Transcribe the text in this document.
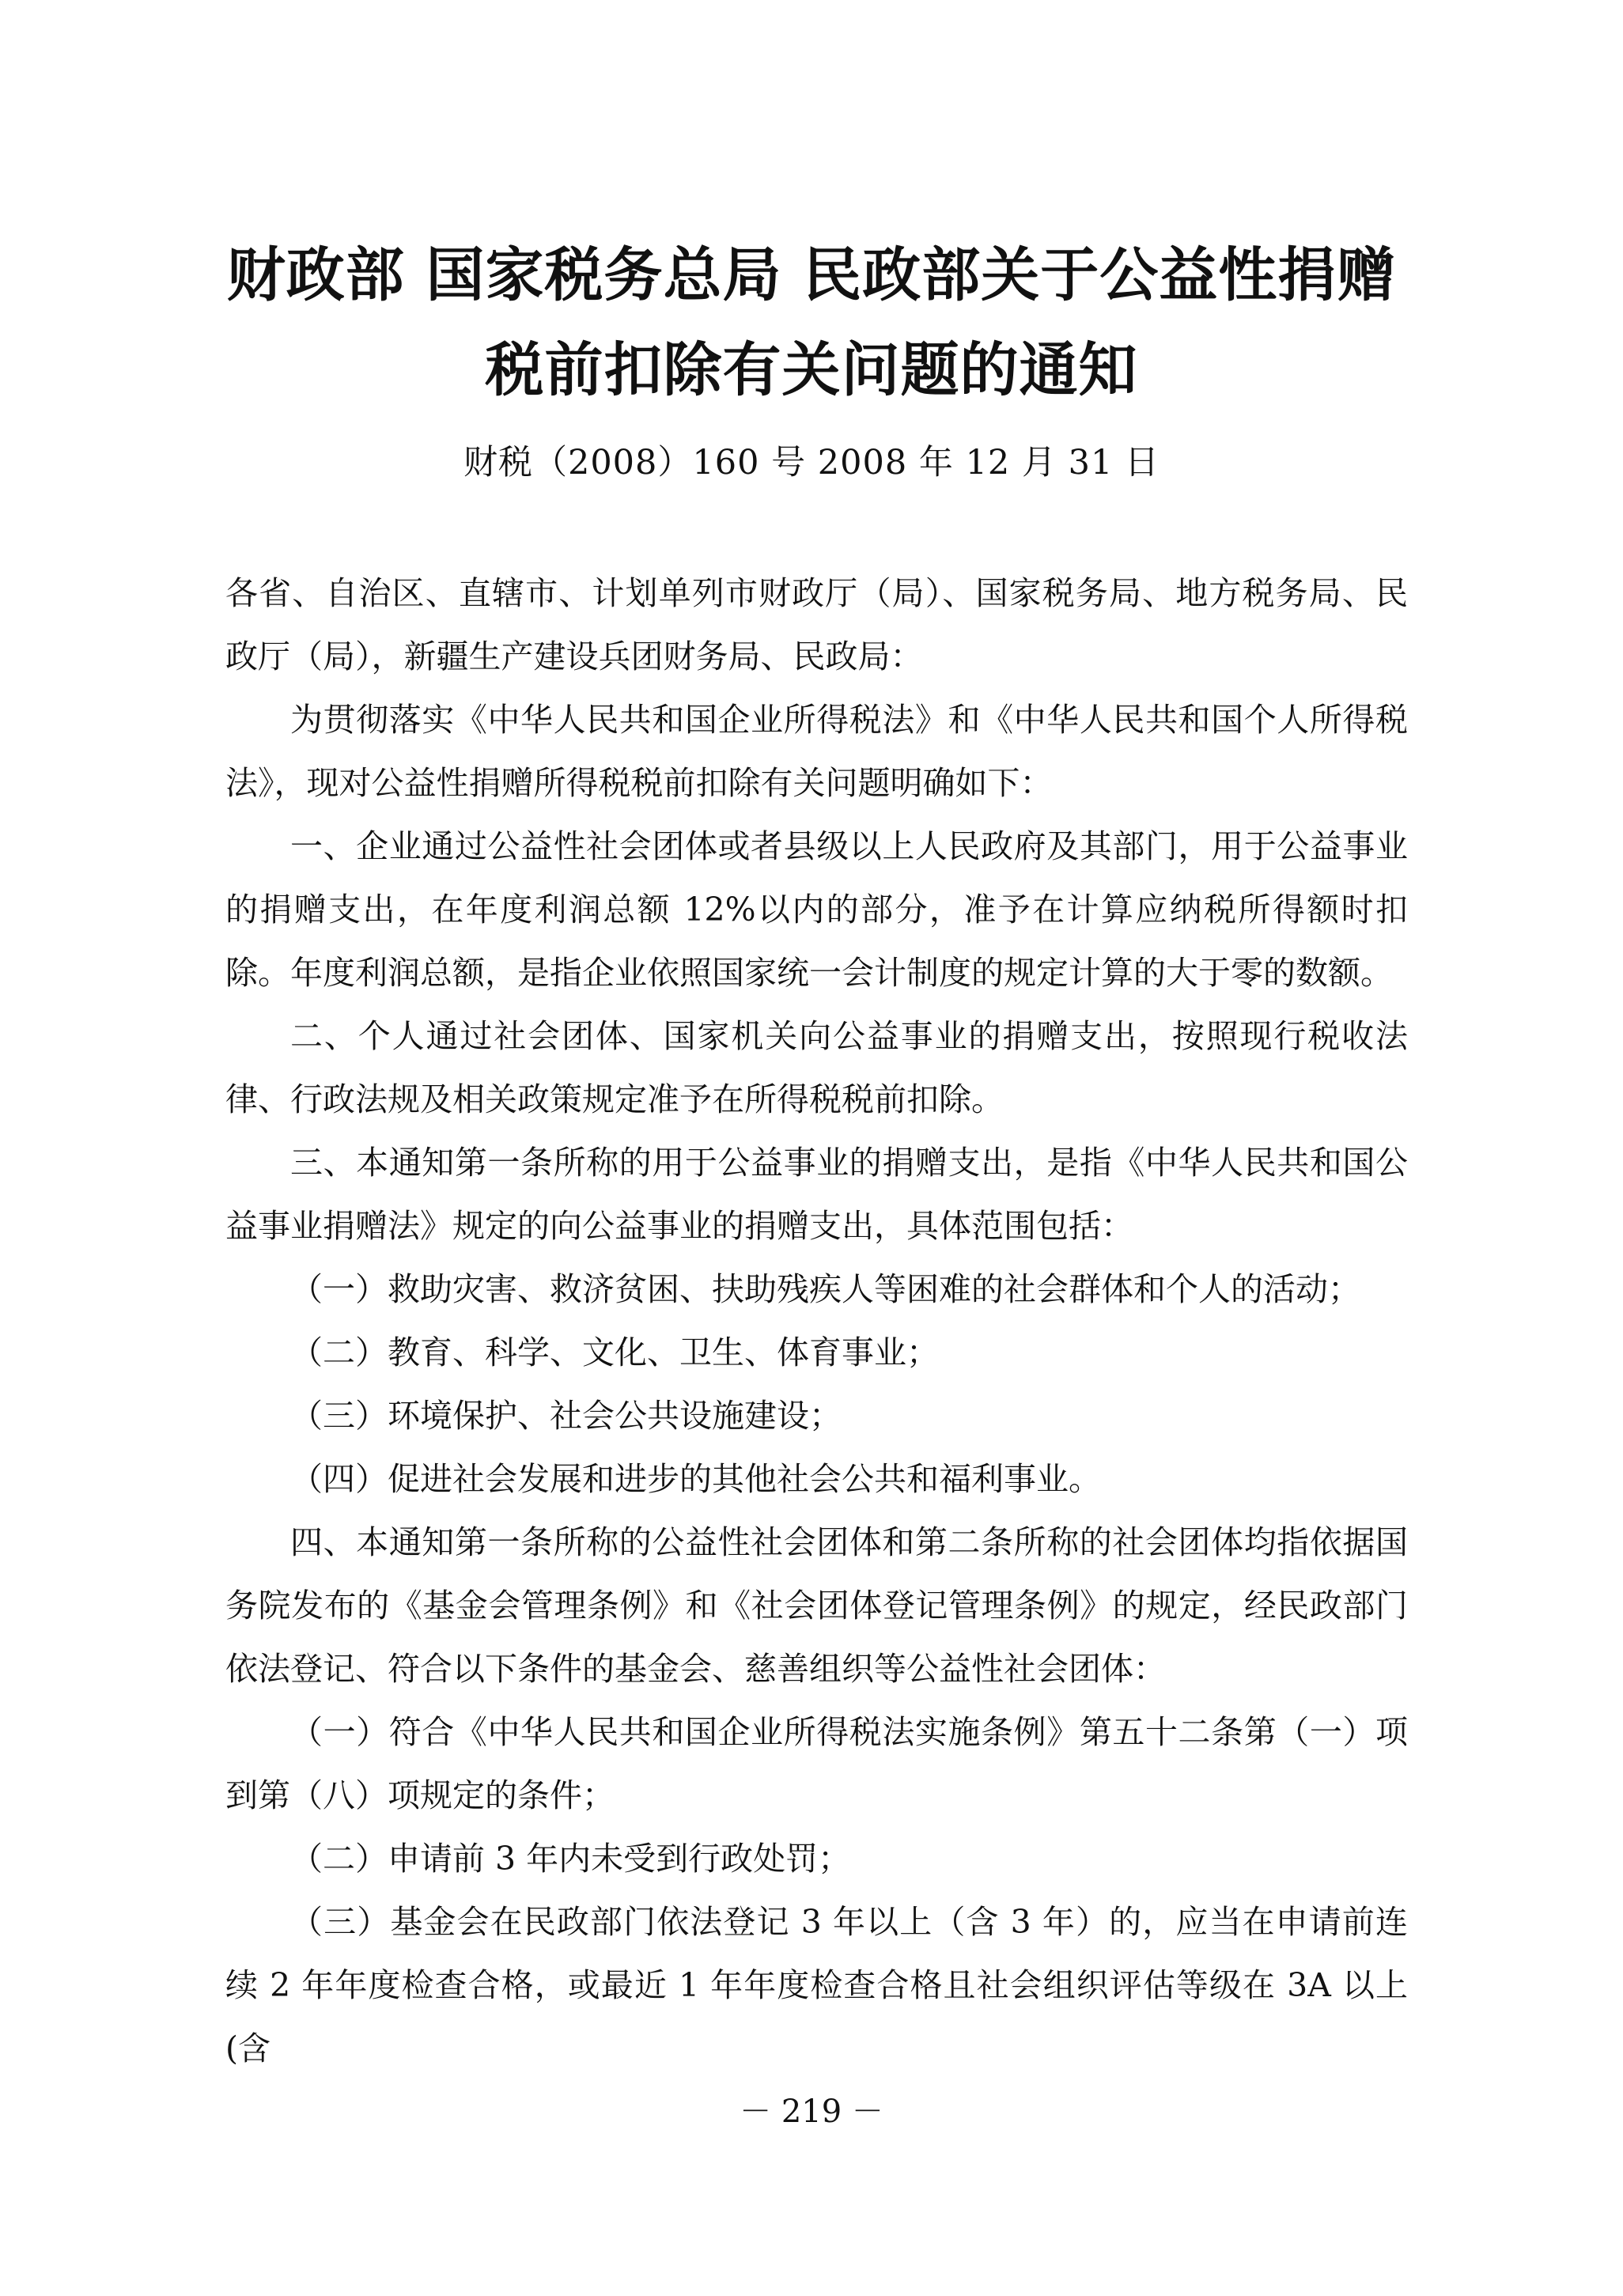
财政部 国家税务总局 民政部关于公益性捐赠
税前扣除有关问题的通知
财税（2008）160 号 2008 年 12 月 31 日

各省、自治区、直辖市、计划单列市财政厅（局）、国家税务局、地方税务局、民政厅（局），新疆生产建设兵团财务局、民政局：

为贯彻落实《中华人民共和国企业所得税法》和《中华人民共和国个人所得税法》，现对公益性捐赠所得税税前扣除有关问题明确如下：

一、企业通过公益性社会团体或者县级以上人民政府及其部门，用于公益事业的捐赠支出，在年度利润总额 12%以内的部分，准予在计算应纳税所得额时扣除。年度利润总额，是指企业依照国家统一会计制度的规定计算的大于零的数额。

二、个人通过社会团体、国家机关向公益事业的捐赠支出，按照现行税收法律、行政法规及相关政策规定准予在所得税税前扣除。

三、本通知第一条所称的用于公益事业的捐赠支出，是指《中华人民共和国公益事业捐赠法》规定的向公益事业的捐赠支出，具体范围包括：

（一）救助灾害、救济贫困、扶助残疾人等困难的社会群体和个人的活动；

（二）教育、科学、文化、卫生、体育事业；

（三）环境保护、社会公共设施建设；

（四）促进社会发展和进步的其他社会公共和福利事业。

四、本通知第一条所称的公益性社会团体和第二条所称的社会团体均指依据国务院发布的《基金会管理条例》和《社会团体登记管理条例》的规定，经民政部门依法登记、符合以下条件的基金会、慈善组织等公益性社会团体：

（一）符合《中华人民共和国企业所得税法实施条例》第五十二条第（一）项到第（八）项规定的条件；

（二）申请前 3 年内未受到行政处罚；

（三）基金会在民政部门依法登记 3 年以上（含 3 年）的，应当在申请前连续 2 年年度检查合格，或最近 1 年年度检查合格且社会组织评估等级在 3A 以上(含

－ 219 －
